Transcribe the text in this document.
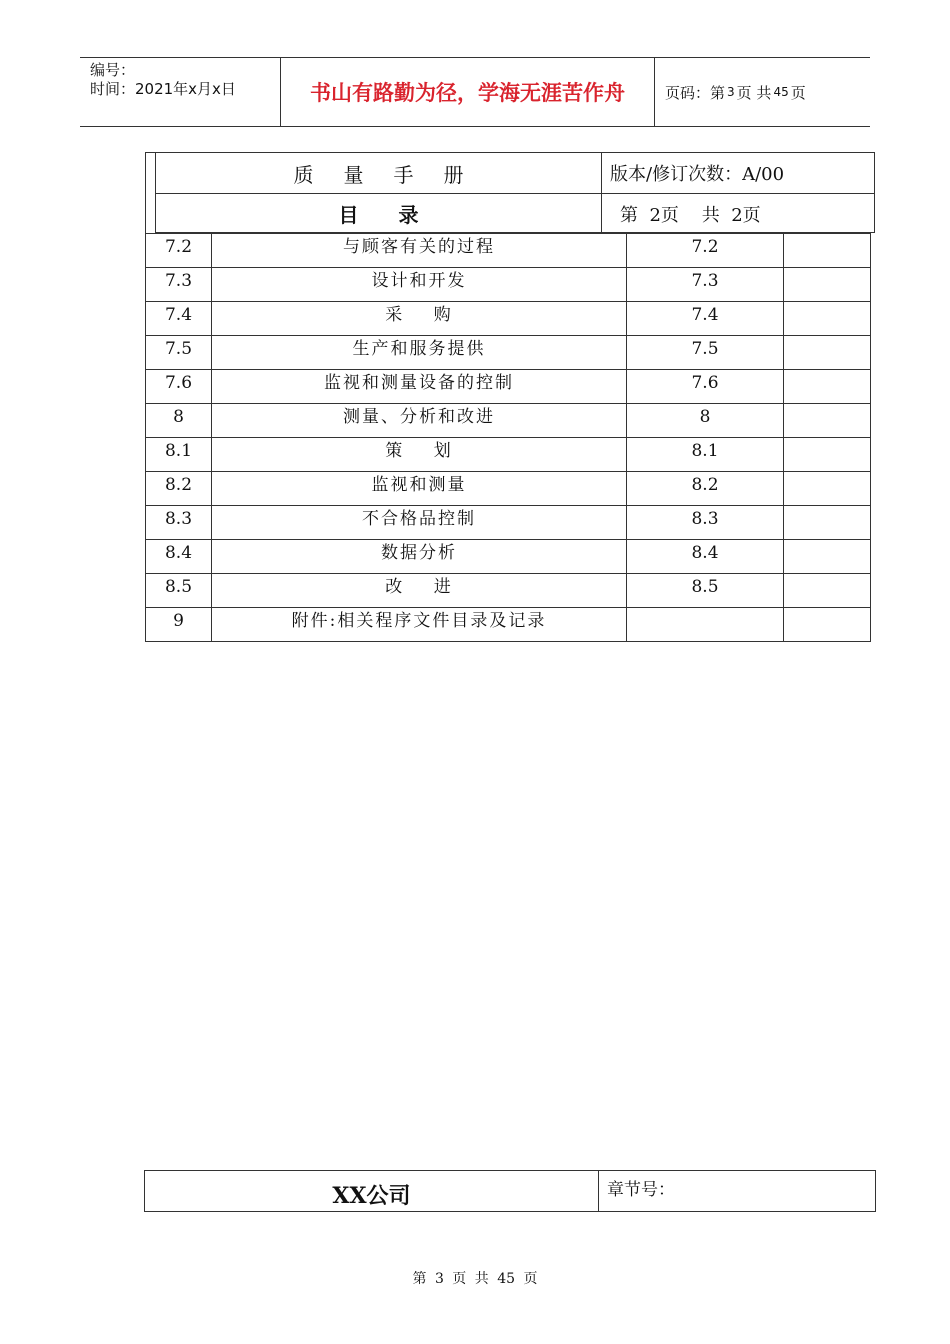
编号：
时间：2021年x月x日	书山有路勤为径，学海无涯苦作舟	页码：第 3 页 共 45 页
质量手册	版本/修订次数：A/00
目录	第  2页    共  2页
7.2	与顾客有关的过程	7.2	
7.3	设计和开发	7.3	
7.4	采    购	7.4	
7.5	生产和服务提供	7.5	
7.6	监视和测量设备的控制	7.6	
8	测量、分析和改进	8	
8.1	策    划	8.1	
8.2	监视和测量	8.2	
8.3	不合格品控制	8.3	
8.4	数据分析	8.4	
8.5	改    进	8.5	
9	附件:相关程序文件目录及记录		
XX公司	章节号：
第 3 页 共 45 页
